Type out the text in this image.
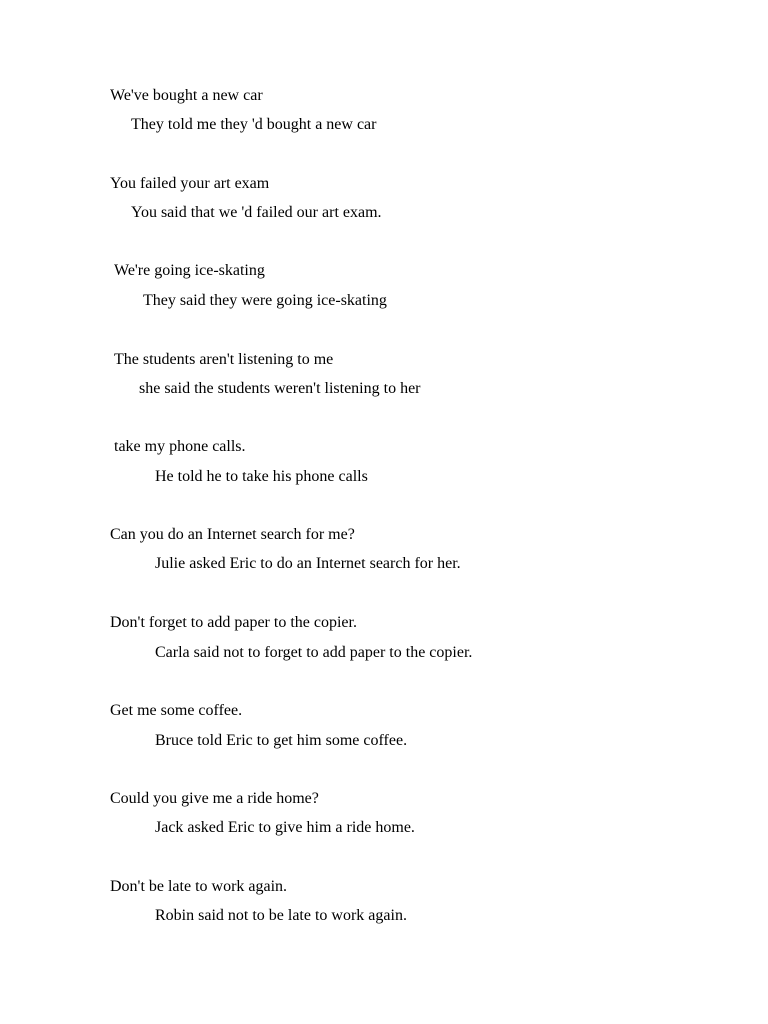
We've bought a new car
They told me they 'd bought a new car
You failed your art exam
You said that we 'd failed our art exam.
We're going ice-skating
They said they were going ice-skating
The students aren't listening to me
she said the students weren't listening to her
take my phone calls.
He told he to take his phone calls
Can you do an Internet search for me?
Julie asked Eric to do an Internet search for her.
Don't forget to add paper to the copier.
Carla said not to forget to add paper to the copier.
Get me some coffee.
Bruce told Eric to get him some coffee.
Could you give me a ride home?
Jack asked Eric to give him a ride home.
Don't be late to work again.
Robin said not to be late to work again.
